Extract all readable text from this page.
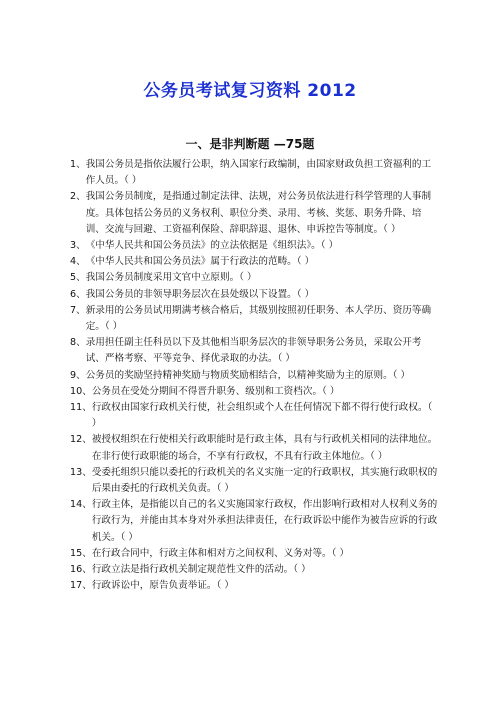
公务员考试复习资料 2012
一、是非判断题 —75题
1、 我国公务员是指依法履行公职，纳入国家行政编制，由国家财政负担工资福利的工作人员。（ ）
2、 我国公务员制度，是指通过制定法律、法规，对公务员依法进行科学管理的人事制度。具体包括公务员的义务权利、职位分类、录用、考核、奖惩、职务升降、培训、交流与回避、工资福利保险、辞职辞退、退休、申诉控告等制度。（ ）
3、 《中华人民共和国公务员法》的立法依据是《组织法》。（ ）
4、 《中华人民共和国公务员法》属于行政法的范畴。（ ）
5、 我国公务员制度采用文官中立原则。（ ）
6、 我国公务员的非领导职务层次在县处级以下设置。（ ）
7、 新录用的公务员试用期满考核合格后，其级别按照初任职务、本人学历、资历等确定。（ ）
8、 录用担任副主任科员以下及其他相当职务层次的非领导职务公务员，采取公开考试、严格考察、平等竞争、择优录取的办法。（ ）
9、 公务员的奖励坚持精神奖励与物质奖励相结合，以精神奖励为主的原则。（ ）
10、 公务员在受处分期间不得晋升职务、级别和工资档次。（ ）
11、 行政权由国家行政机关行使，社会组织或个人在任何情况下都不得行使行政权。（ ）
12、 被授权组织在行使相关行政职能时是行政主体，具有与行政机关相同的法律地位。在非行使行政职能的场合，不享有行政权，不具有行政主体地位。（ ）
13、 受委托组织只能以委托的行政机关的名义实施一定的行政职权，其实施行政职权的后果由委托的行政机关负责。（ ）
14、 行政主体，是指能以自己的名义实施国家行政权，作出影响行政相对人权利义务的行政行为，并能由其本身对外承担法律责任，在行政诉讼中能作为被告应诉的行政机关。（ ）
15、 在行政合同中，行政主体和相对方之间权利、义务对等。（ ）
16、 行政立法是指行政机关制定规范性文件的活动。（ ）
17、 行政诉讼中，原告负责举证。（ ）
